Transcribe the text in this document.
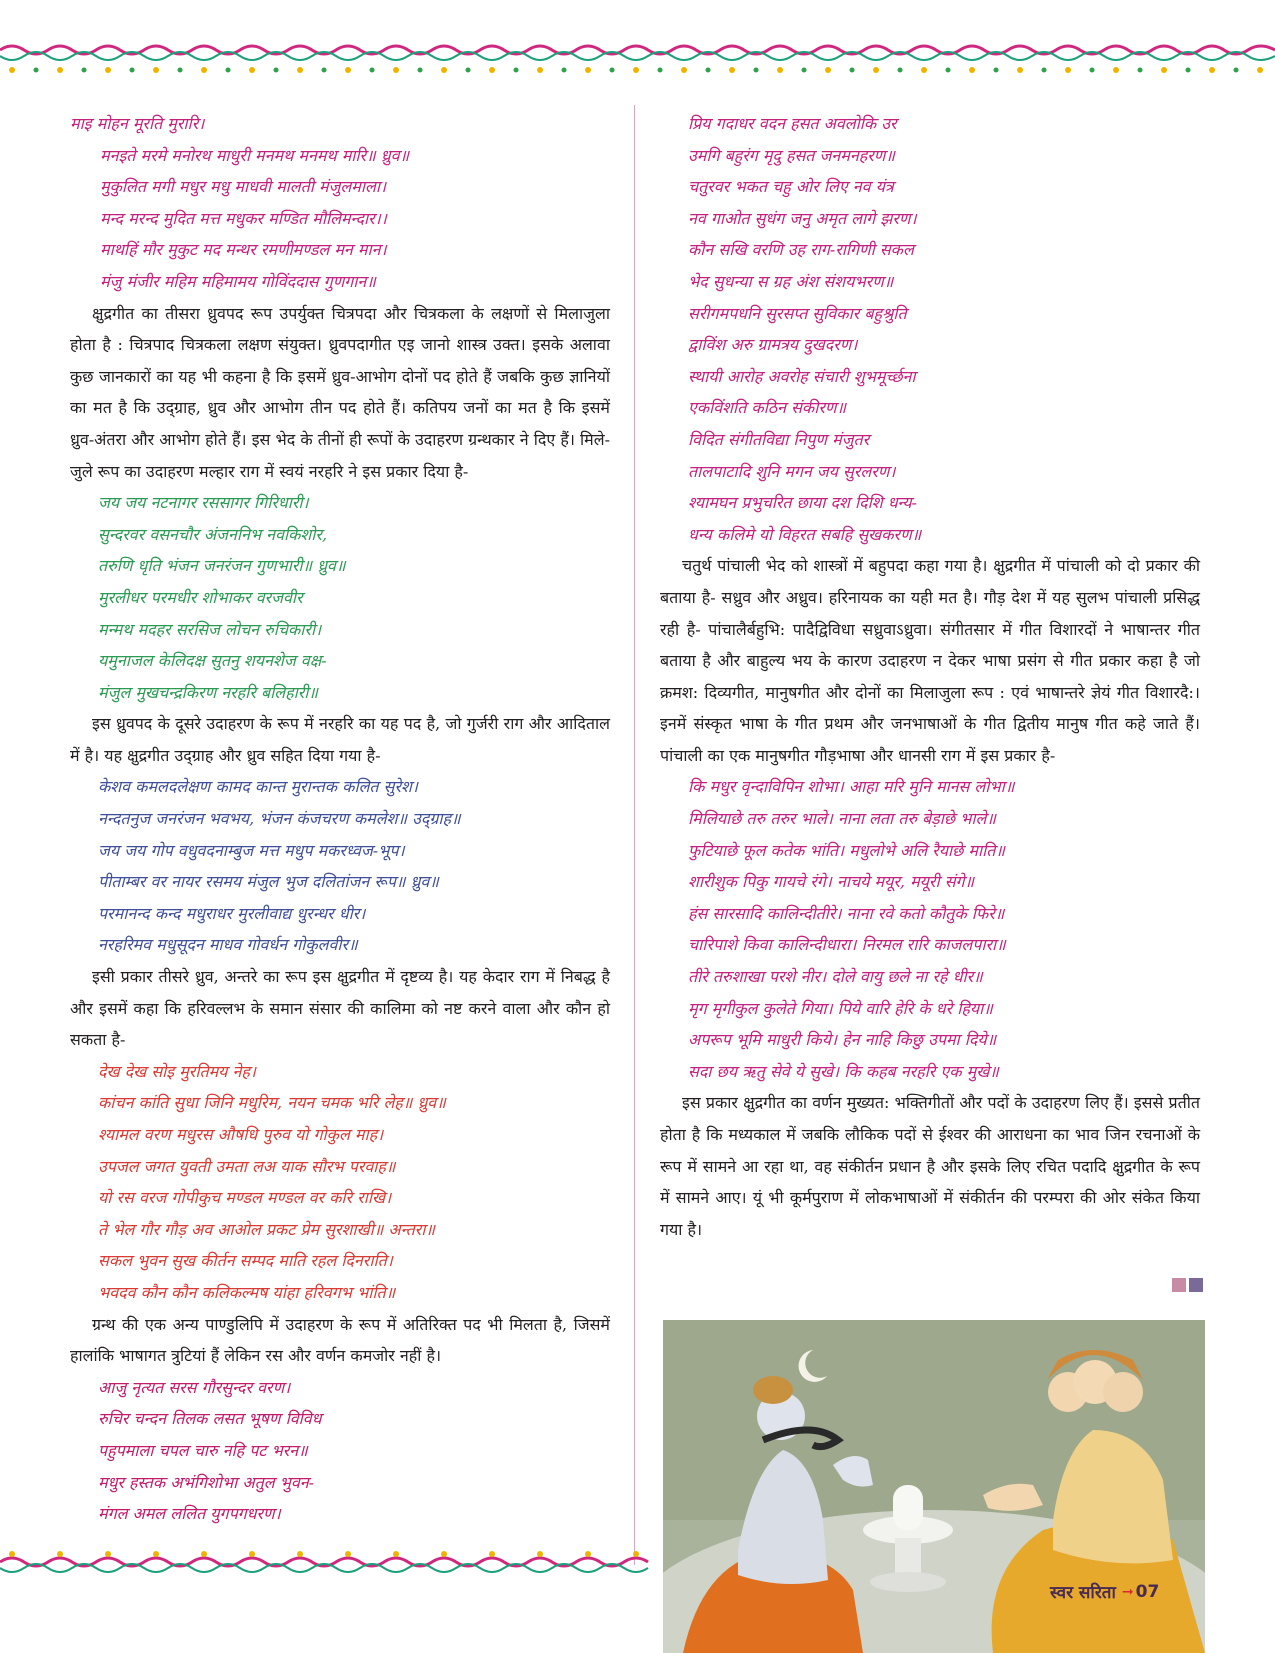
माइ मोहन मूरति मुरारि।
मनइते मरमे मनोरथ माधुरी मनमथ मनमथ मारि॥ ध्रुव॥
मुकुलित मगी मधुर मधु माधवी मालती मंजुलमाला।
मन्द मरन्द मुदित मत्त मधुकर मण्डित मौलिमन्दार।।
माथहिं मौर मुकुट मद मन्थर रमणीमण्डल मन मान।
मंजु मंजीर महिम महिमामय गोविंददास गुणगान॥

क्षुद्रगीत का तीसरा ध्रुवपद रूप उपर्युक्त चित्रपदा और चित्रकला के लक्षणों से मिलाजुला होता है : चित्रपाद चित्रकला लक्षण संयुक्त। ध्रुवपदागीत एइ जानो शास्त्र उक्त। इसके अलावा कुछ जानकारों का यह भी कहना है कि इसमें ध्रुव-आभोग दोनों पद होते हैं जबकि कुछ ज्ञानियों का मत है कि उद्ग्राह, ध्रुव और आभोग तीन पद होते हैं। कतिपय जनों का मत है कि इसमें ध्रुव-अंतरा और आभोग होते हैं। इस भेद के तीनों ही रूपों के उदाहरण ग्रन्थकार ने दिए हैं। मिले-जुले रूप का उदाहरण मल्हार राग में स्वयं नरहरि ने इस प्रकार दिया है-

जय जय नटनागर रससागर गिरिधारी।
सुन्दरवर वसनचौर अंजननिभ नवकिशोर,
तरुणि धृति भंजन जनरंजन गुणभारी॥ ध्रुव॥
मुरलीधर परमधीर शोभाकर वरजवीर
मन्मथ मदहर सरसिज लोचन रुचिकारी।
यमुनाजल केलिदक्ष सुतनु शयनशेज वक्ष-
मंजुल मुखचन्द्रकिरण नरहरि बलिहारी॥

इस ध्रुवपद के दूसरे उदाहरण के रूप में नरहरि का यह पद है, जो गुर्जरी राग और आदिताल में है। यह क्षुद्रगीत उद्ग्राह और ध्रुव सहित दिया गया है-

केशव कमलदलेक्षण कामद कान्त मुरान्तक कलित सुरेश।
नन्दतनुज जनरंजन भवभय, भंजन कंजचरण कमलेश॥ उद्ग्राह॥
जय जय गोप वधुवदनाम्बुज मत्त मधुप मकरध्वज-भूप।
पीताम्बर वर नायर रसमय मंजुल भुज दलितांजन रूप॥ ध्रुव॥
परमानन्द कन्द मधुराधर मुरलीवाद्य धुरन्धर धीर।
नरहरिमव मधुसूदन माधव गोवर्धन गोकुलवीर॥

इसी प्रकार तीसरे ध्रुव, अन्तरे का रूप इस क्षुद्रगीत में दृष्टव्य है। यह केदार राग में निबद्ध है और इसमें कहा कि हरिवल्लभ के समान संसार की कालिमा को नष्ट करने वाला और कौन हो सकता है-

देख देख सोइ मुरतिमय नेह।
कांचन कांति सुधा जिनि मधुरिम, नयन चमक भरि लेह॥ ध्रुव॥
श्यामल वरण मधुरस औषधि पुरुव यो गोकुल माह।
उपजल जगत युवती उमता लअ याक सौरभ परवाह॥
यो रस वरज गोपीकुच मण्डल मण्डल वर करि राखि।
ते भेल गौर गौड़ अव आओल प्रकट प्रेम सुरशाखी॥ अन्तरा॥
सकल भुवन सुख कीर्तन सम्पद माति रहल दिनराति।
भवदव कौन कौन कलिकल्मष यांहा हरिवगभ भांति॥

ग्रन्थ की एक अन्य पाण्डुलिपि में उदाहरण के रूप में अतिरिक्त पद भी मिलता है, जिसमें हालांकि भाषागत त्रुटियां हैं लेकिन रस और वर्णन कमजोर नहीं है।

आजु नृत्यत सरस गौरसुन्दर वरण।
रुचिर चन्दन तिलक लसत भूषण विविध
पहुपमाला चपल चारु नहि पट भरन॥
मधुर हस्तक अभंगिशोभा अतुल भुवन-
मंगल अमल ललित युगपगधरण।
प्रिय गदाधर वदन हसत अवलोकि उर
उमगि बहुरंग मृदु हसत जनमनहरण॥
चतुरवर भकत चहु ओर लिए नव यंत्र
नव गाओत सुधंग जनु अमृत लागे झरण।
कौन सखि वरणि उह राग-रागिणी सकल
भेद सुधन्या स ग्रह अंश संशयभरण॥
सरीगमपधनि सुरसप्त सुविकार बहुश्रुति
द्वाविंश अरु ग्रामत्रय दुखदरण।
स्थायी आरोह अवरोह संचारी शुभमूर्च्छना
एकविंशति कठिन संकीरण॥
विदित संगीतविद्या निपुण मंजुतर
तालपाटादि शुनि मगन जय सुरलरण।
श्यामघन प्रभुचरित छाया दश दिशि धन्य-
धन्य कलिमे यो विहरत सबहि सुखकरण॥

चतुर्थ पांचाली भेद को शास्त्रों में बहुपदा कहा गया है। क्षुद्रगीत में पांचाली को दो प्रकार की बताया है- सध्रुव और अध्रुव। हरिनायक का यही मत है। गौड़ देश में यह सुलभ पांचाली प्रसिद्ध रही है- पांचालैर्बहुभि: पादैद्विविधा सध्रुवाऽध्रुवा। संगीतसार में गीत विशारदों ने भाषान्तर गीत बताया है और बाहुल्य भय के कारण उदाहरण न देकर भाषा प्रसंग से गीत प्रकार कहा है जो क्रमश: दिव्यगीत, मानुषगीत और दोनों का मिलाजुला रूप : एवं भाषान्तरे ज्ञेयं गीत विशारदै:। इनमें संस्कृत भाषा के गीत प्रथम और जनभाषाओं के गीत द्वितीय मानुष गीत कहे जाते हैं। पांचाली का एक मानुषगीत गौड़भाषा और धानसी राग में इस प्रकार है-

कि मधुर वृन्दाविपिन शोभा। आहा मरि मुनि मानस लोभा॥
मिलियाछे तरु तरुर भाले। नाना लता तरु बेड़ाछे भाले॥
फुटियाछे फूल कतेक भांति। मधुलोभे अलि रैयाछे माति॥
शारीशुक पिकु गायचे रंगे। नाचये मयूर, मयूरी संगे॥
हंस सारसादि कालिन्दीतीरे। नाना रवे कतो कौतुके फिरे॥
चारिपाशे किवा कालिन्दीधारा। निरमल रारि काजलपारा॥
तीरे तरुशाखा परशे नीर। दोले वायु छले ना रहे धीर॥
मृग मृगीकुल कुलेते गिया। पिये वारि हेरि के धरे हिया॥
अपरूप भूमि माधुरी किये। हेन नाहि किछु उपमा दिये॥
सदा छय ऋतु सेवे ये सुखे। कि कहब नरहरि एक मुखे॥

इस प्रकार क्षुद्रगीत का वर्णन मुख्यत: भक्तिगीतों और पदों के उदाहरण लिए हैं। इससे प्रतीत होता है कि मध्यकाल में जबकि लौकिक पदों से ईश्वर की आराधना का भाव जिन रचनाओं के रूप में सामने आ रहा था, वह संकीर्तन प्रधान है और इसके लिए रचित पदादि क्षुद्रगीत के रूप में सामने आए। यूं भी कूर्मपुराण में लोकभाषाओं में संकीर्तन की परम्परा की ओर संकेत किया गया है।

स्वर सरिता ➞ 07
